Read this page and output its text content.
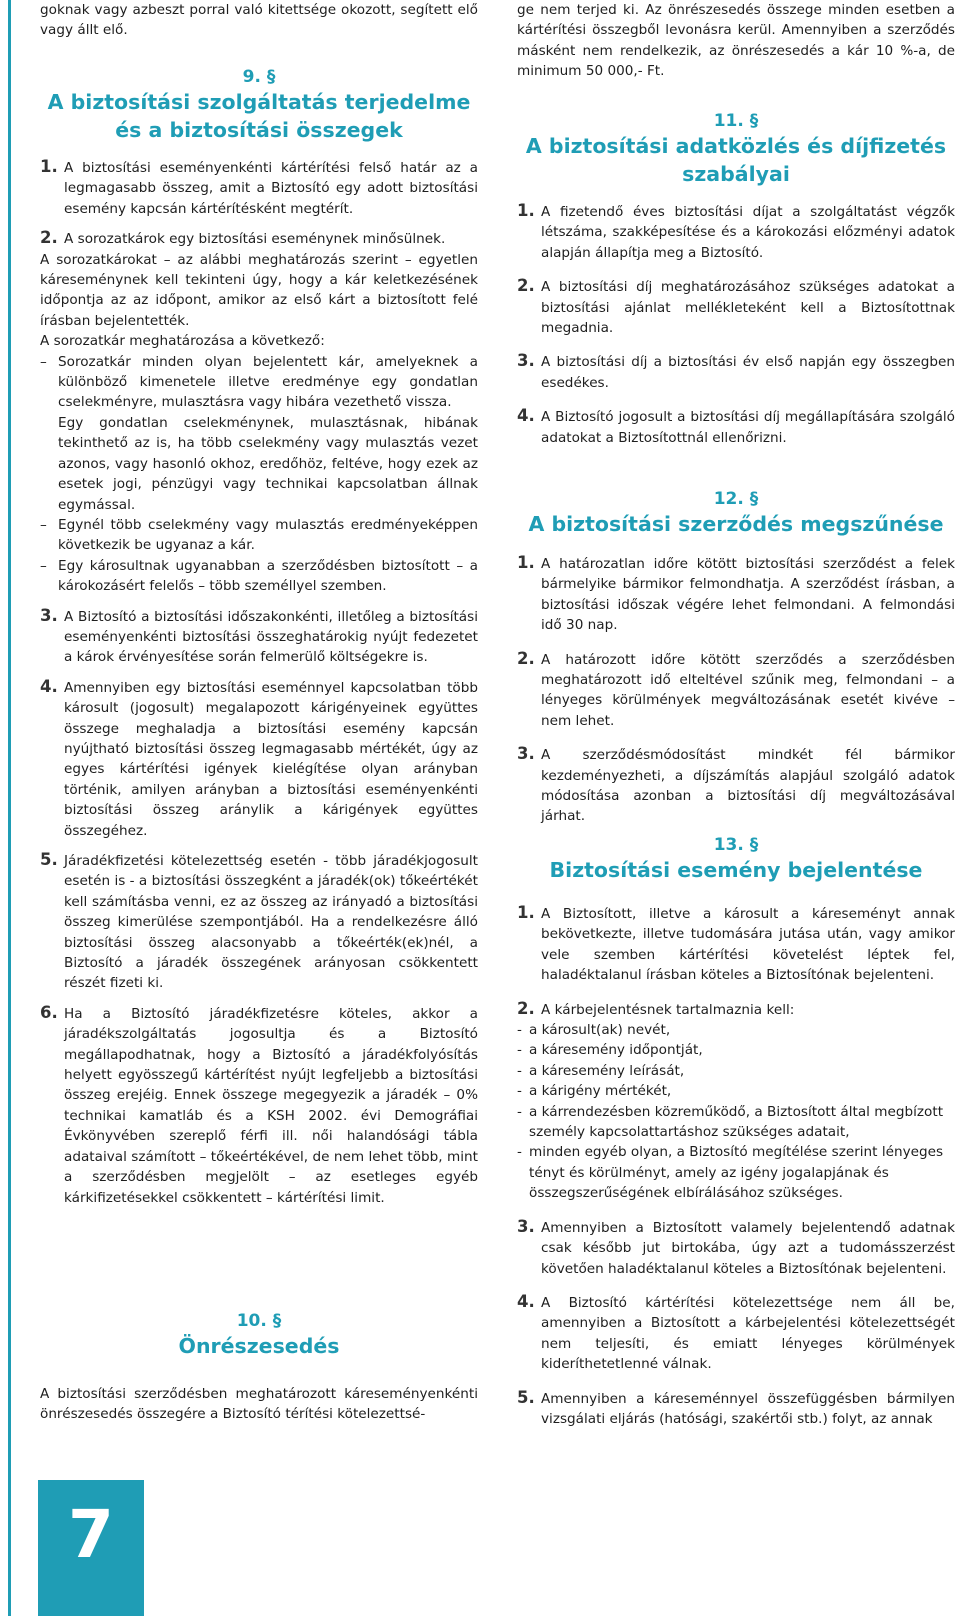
goknak vagy azbeszt porral való kitettsége okozott, segített elő vagy állt elő.
9. §
A biztosítási szolgáltatás terjedelme és a biztosítási összegek
1. A biztosítási eseményenkénti kártérítési felső határ az a legmagasabb összeg, amit a Biztosító egy adott biztosítási esemény kapcsán kártérítésként megtérít.
2. A sorozatkárok egy biztosítási eseménynek minősülnek.
A sorozatkárokat – az alábbi meghatározás szerint – egyetlen káreseménynek kell tekinteni úgy, hogy a kár keletkezésének időpontja az az időpont, amikor az első kárt a biztosított felé írásban bejelentették.
A sorozatkár meghatározása a következő:
– Sorozatkár minden olyan bejelentett kár, amelyeknek a különböző kimenetele illetve eredménye egy gondatlan cselekményre, mulasztásra vagy hibára vezethető vissza.
Egy gondatlan cselekménynek, mulasztásnak, hibának tekinthető az is, ha több cselekmény vagy mulasztás vezet azonos, vagy hasonló okhoz, eredőhöz, feltéve, hogy ezek az esetek jogi, pénzügyi vagy technikai kapcsolatban állnak egymással.
– Egynél több cselekmény vagy mulasztás eredményeképpen következik be ugyanaz a kár.
– Egy károsultnak ugyanabban a szerződésben biztosított – a károkozásért felelős – több személlyel szemben.
3. A Biztosító a biztosítási időszakonkénti, illetőleg a biztosítási eseményenkénti biztosítási összeghatárokig nyújt fedezetet a károk érvényesítése során felmerülő költségekre is.
4. Amennyiben egy biztosítási eseménnyel kapcsolatban több károsult (jogosult) megalapozott kárigényeinek együttes összege meghaladja a biztosítási esemény kapcsán nyújtható biztosítási összeg legmagasabb mértékét, úgy az egyes kártérítési igények kielégítése olyan arányban történik, amilyen arányban a biztosítási eseményenkénti biztosítási összeg aránylik a kárigények együttes összegéhez.
5. Járadékfizetési kötelezettség esetén - több járadékjogosult esetén is - a biztosítási összegként a járadék(ok) tőkeértékét kell számításba venni, ez az összeg az irányadó a biztosítási összeg kimerülése szempontjából. Ha a rendelkezésre álló biztosítási összeg alacsonyabb a tőkeérték(ek)nél, a Biztosító a járadék összegének arányosan csökkentett részét fizeti ki.
6. Ha a Biztosító járadékfizetésre köteles, akkor a járadékszolgáltatás jogosultja és a Biztosító megállapodhatnak, hogy a Biztosító a járadékfolyósítás helyett egyösszegű kártérítést nyújt legfeljebb a biztosítási összeg erejéig. Ennek összege megegyezik a járadék – 0% technikai kamatláb és a KSH 2002. évi Demográfiai Évkönyvében szereplő férfi ill. női halandósági tábla adataival számított – tőkeértékével, de nem lehet több, mint a szerződésben megjelölt – az esetleges egyéb kárkifizetésekkel csökkentett – kártérítési limit.
10. §
Önrészesedés
A biztosítási szerződésben meghatározott káreseményenkénti önrészesedés összegére a Biztosító térítési kötelezettsé-
7
ge nem terjed ki. Az önrészesedés összege minden esetben a kártérítési összegből levonásra kerül. Amennyiben a szerződés másként nem rendelkezik, az önrészesedés a kár 10 %-a, de minimum 50 000,- Ft.
11. §
A biztosítási adatközlés és díjfizetés szabályai
1. A fizetendő éves biztosítási díjat a szolgáltatást végzők létszáma, szakképesítése és a károkozási előzményi adatok alapján állapítja meg a Biztosító.
2. A biztosítási díj meghatározásához szükséges adatokat a biztosítási ajánlat mellékleteként kell a Biztosítottnak megadnia.
3. A biztosítási díj a biztosítási év első napján egy összegben esedékes.
4. A Biztosító jogosult a biztosítási díj megállapítására szolgáló adatokat a Biztosítottnál ellenőrizni.
12. §
A biztosítási szerződés megszűnése
1. A határozatlan időre kötött biztosítási szerződést a felek bármelyike bármikor felmondhatja. A szerződést írásban, a biztosítási időszak végére lehet felmondani. A felmondási idő 30 nap.
2. A határozott időre kötött szerződés a szerződésben meghatározott idő elteltével szűnik meg, felmondani – a lényeges körülmények megváltozásának esetét kivéve – nem lehet.
3. A szerződésmódosítást mindkét fél bármikor kezdeményezheti, a díjszámítás alapjául szolgáló adatok módosítása azonban a biztosítási díj megváltozásával járhat.
13. §
Biztosítási esemény bejelentése
1. A Biztosított, illetve a károsult a káreseményt annak bekövetkezte, illetve tudomására jutása után, vagy amikor vele szemben kártérítési követelést léptek fel, haladéktalanul írásban köteles a Biztosítónak bejelenteni.
2. A kárbejelentésnek tartalmaznia kell:
- a károsult(ak) nevét,
- a káresemény időpontját,
- a káresemény leírását,
- a kárigény mértékét,
- a kárrendezésben közreműködő, a Biztosított által megbízott személy kapcsolattartáshoz szükséges adatait,
- minden egyéb olyan, a Biztosító megítélése szerint lényeges tényt és körülményt, amely az igény jogalapjának és összegszerűségének elbírálásához szükséges.
3. Amennyiben a Biztosított valamely bejelentendő adatnak csak később jut birtokába, úgy azt a tudomásszerzést követően haladéktalanul köteles a Biztosítónak bejelenteni.
4. A Biztosító kártérítési kötelezettsége nem áll be, amennyiben a Biztosított a kárbejelentési kötelezettségét nem teljesíti, és emiatt lényeges körülmények kideríthetetlenné válnak.
5. Amennyiben a káreseménnyel összefüggésben bármilyen vizsgálati eljárás (hatósági, szakértői stb.) folyt, az annak
